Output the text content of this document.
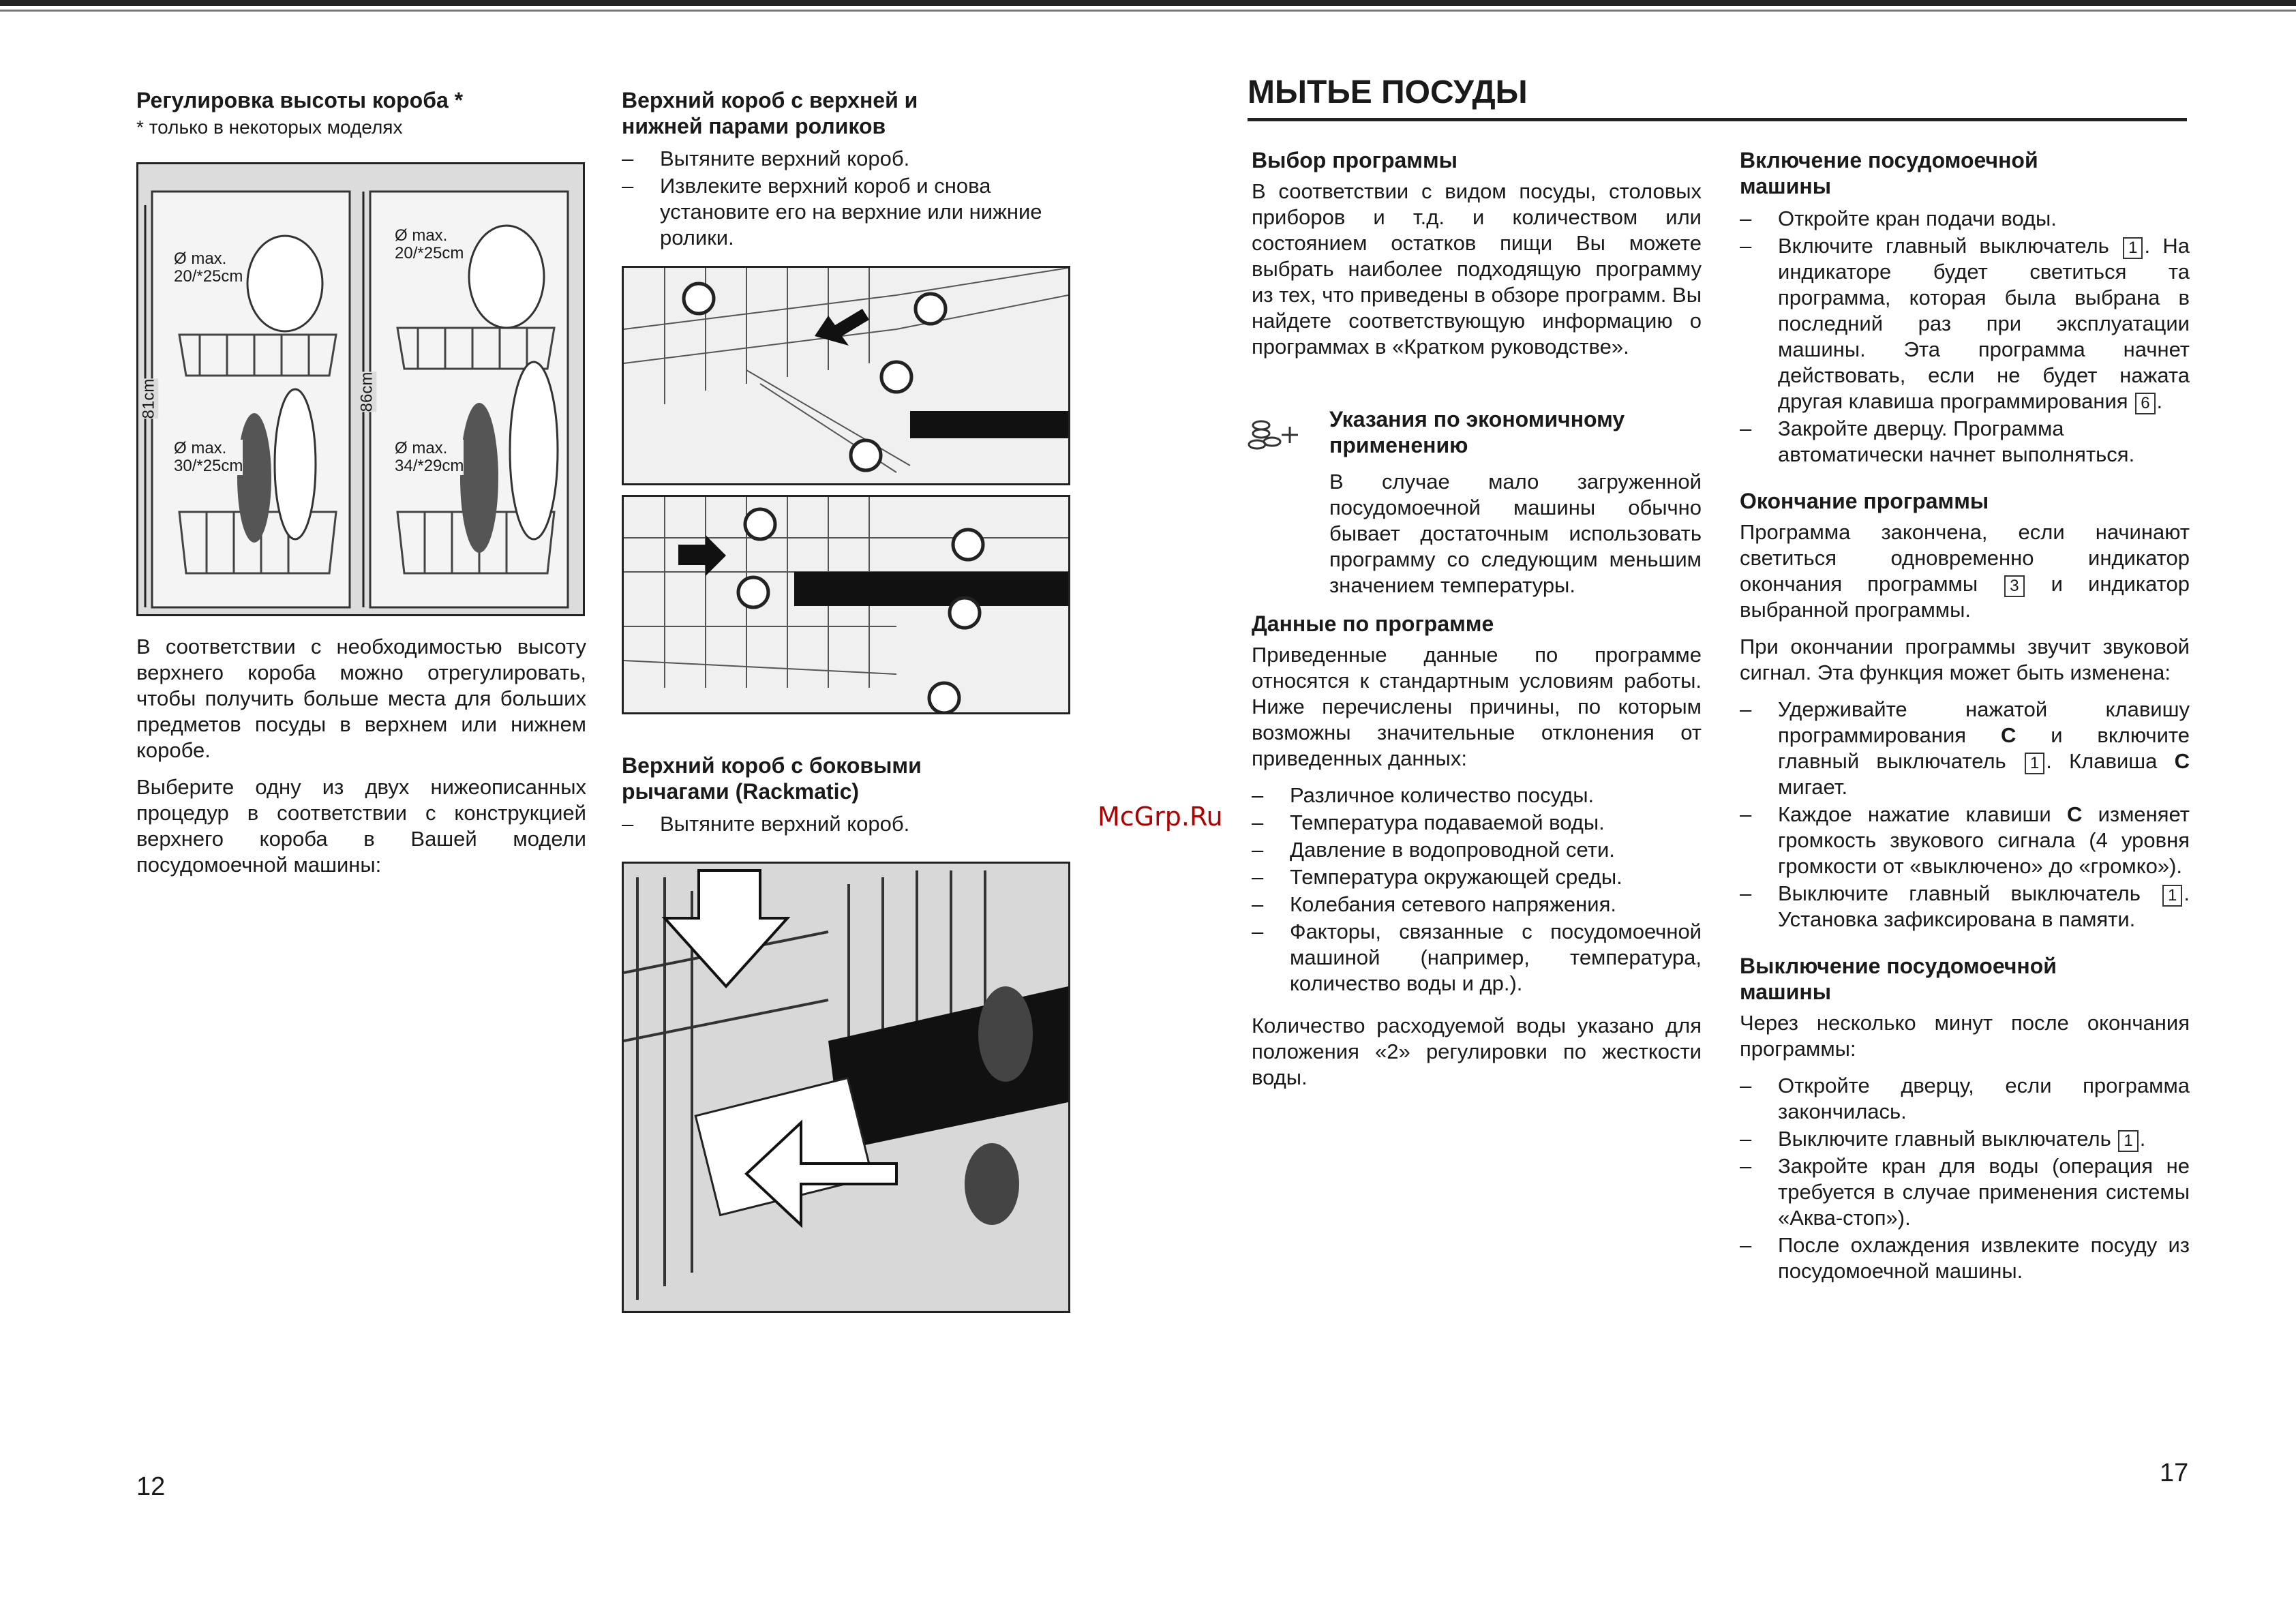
Регулировка высоты короба *
* только в некоторых моделях
Ø max.
20/*25cm
Ø max.
30/*25cm
81cm
Ø max.
20/*25cm
Ø max.
34/*29cm
86cm

В соответствии с необходимостью высоту верхнего короба можно отрегулировать, чтобы получить больше места для больших предметов посуды в верхнем или нижнем коробе.

Выберите одну из двух нижеописанных процедур в соответствии с конструкцией верхнего короба в Вашей модели посудомоечной машины:

Верхний короб с верхней и нижней парами роликов
– Вытяните верхний короб.
– Извлеките верхний короб и снова установите его на верхние или нижние ролики.
Верхний короб с боковыми рычагами (Rackmatic)
– Вытяните верхний короб.
12
МЫТЬЕ ПОСУДЫ
Выбор программы

В соответствии с видом посуды, столовых приборов и т.д. и количеством или состоянием остатков пищи Вы можете выбрать наиболее подходящую программу из тех, что приведены в обзоре программ. Вы найдете соответствующую информацию о программах в «Кратком руководстве».

Указания по экономичному применению

В случае мало загруженной посудомоечной машины обычно бывает достаточным использовать программу со следующим меньшим значением температуры.

Данные по программе

Приведенные данные по программе относятся к стандартным условиям работы. Ниже перечислены причины, по которым возможны значительные отклонения от приведенных данных:

– Различное количество посуды.
– Температура подаваемой воды.
– Давление в водопроводной сети.
– Температура окружающей среды.
– Колебания сетевого напряжения.
– Факторы, связанные с посудомоечной машиной (например, температура, количество воды и др.).

Количество расходуемой воды указано для положения «2» регулировки по жесткости воды.

McGrp.Ru
Включение посудомоечной машины
– Откройте кран подачи воды.
– Включите главный выключатель 1 . На индикаторе будет светиться та программа, которая была выбрана в последний раз при эксплуатации машины. Эта программа начнет действовать, если не будет нажата другая клавиша программирования 6 .
– Закройте дверцу. Программа автоматически начнет выполняться.
Окончание программы

Программа закончена, если начинают светиться одновременно индикатор окончания программы 3 и индикатор выбранной программы.

При окончании программы звучит звуковой сигнал. Эта функция может быть изменена:

– Удерживайте нажатой клавишу программирования C и включите главный выключатель 1 . Клавиша C мигает.
– Каждое нажатие клавиши C изменяет громкость звукового сигнала (4 уровня громкости от «выключено» до «громко»).
– Выключите главный выключатель 1 . Установка зафиксирована в памяти.
Выключение посудомоечной машины

Через несколько минут после окончания программы:

– Откройте дверцу, если программа закончилась.
– Выключите главный выключатель 1 .
– Закройте кран для воды (операция не требуется в случае применения системы «Аква-стоп»).
– После охлаждения извлеките посуду из посудомоечной машины.
17
